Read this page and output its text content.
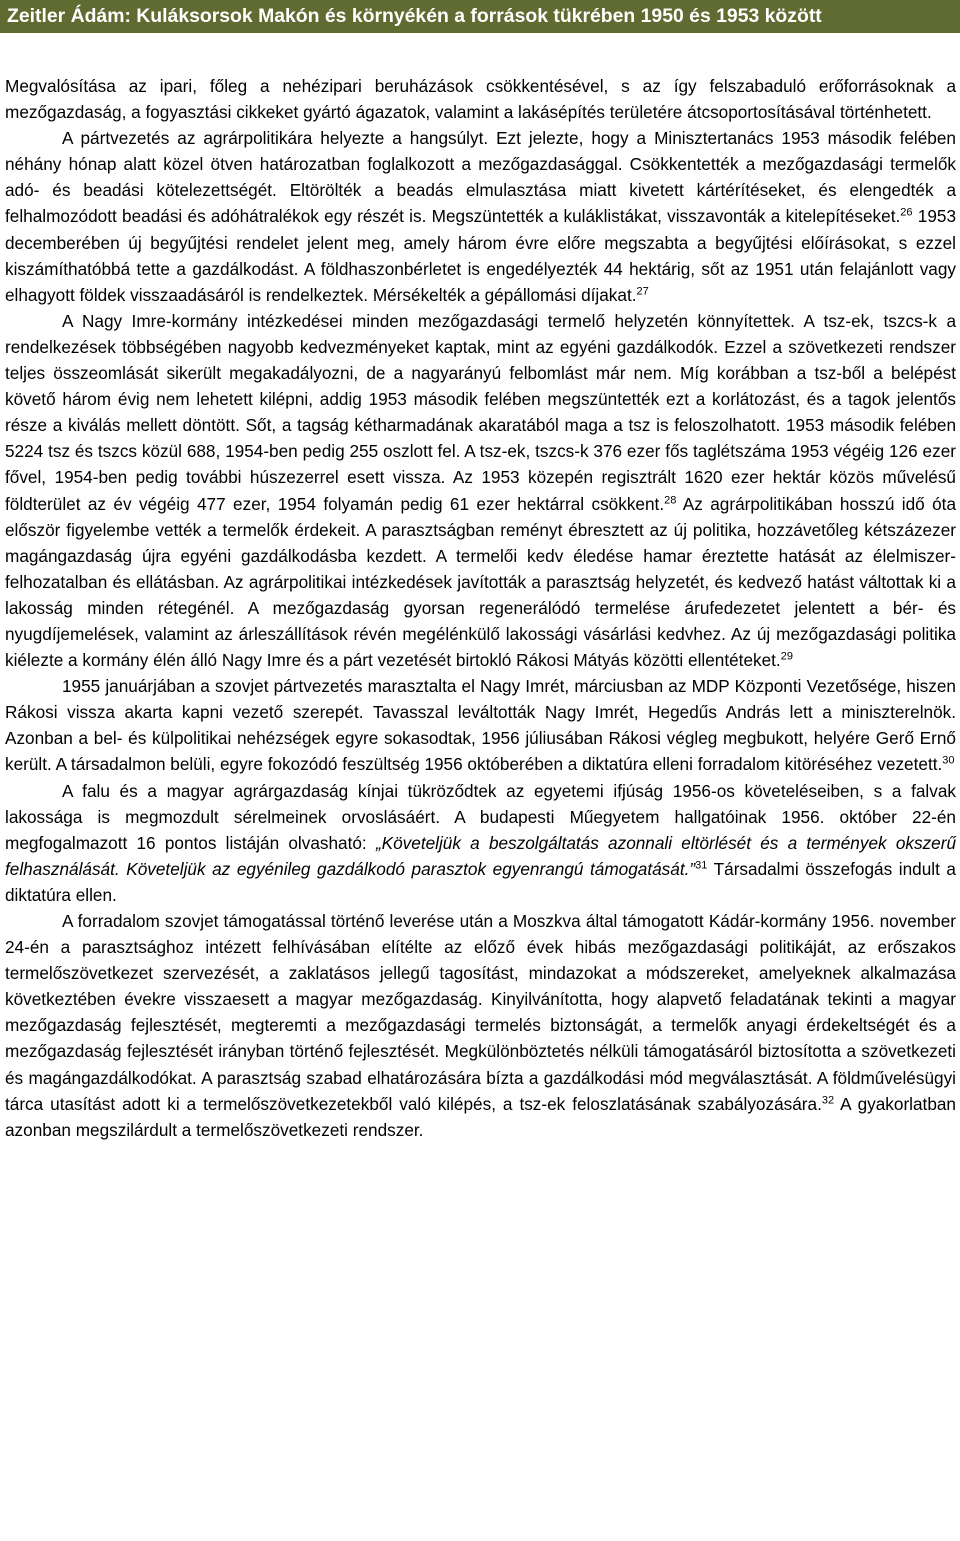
Zeitler Ádám: Kuláksorsok Makón és környékén a források tükrében 1950 és 1953 között

Megvalósítása az ipari, főleg a nehézipari beruházások csökkentésével, s az így felszabaduló erőforrásoknak a mezőgazdaság, a fogyasztási cikkeket gyártó ágazatok, valamint a lakásépítés területére átcsoportosításával történhetett.

A pártvezetés az agrárpolitikára helyezte a hangsúlyt. Ezt jelezte, hogy a Minisztertanács 1953 második felében néhány hónap alatt közel ötven határozatban foglalkozott a mezőgazdasággal. Csökkentették a mezőgazdasági termelők adó- és beadási kötelezettségét. Eltörölték a beadás elmulasztása miatt kivetett kártérítéseket, és elengedték a felhalmozódott beadási és adóhátralékok egy részét is. Megszüntették a kuláklistákat, visszavonták a kitelepítéseket.$^{26}$ 1953 decemberében új begyűjtési rendelet jelent meg, amely három évre előre megszabta a begyűjtési előírásokat, s ezzel kiszámíthatóbbá tette a gazdálkodást. A földhaszonbérletet is engedélyezték 44 hektárig, sőt az 1951 után felajánlott vagy elhagyott földek visszaadásáról is rendelkeztek. Mérsékelték a gépállomási díjakat.$^{27}$

A Nagy Imre-kormány intézkedései minden mezőgazdasági termelő helyzetén könnyítettek. A tsz-ek, tszcs-k a rendelkezések többségében nagyobb kedvezményeket kaptak, mint az egyéni gazdálkodók. Ezzel a szövetkezeti rendszer teljes összeomlását sikerült megakadályozni, de a nagyarányú felbomlást már nem. Míg korábban a tsz-ből a belépést követő három évig nem lehetett kilépni, addig 1953 második felében megszüntették ezt a korlátozást, és a tagok jelentős része a kiválás mellett döntött. Sőt, a tagság kétharmadának akaratából maga a tsz is feloszolhatott. 1953 második felében 5224 tsz és tszcs közül 688, 1954-ben pedig 255 oszlott fel. A tsz-ek, tszcs-k 376 ezer fős taglétszáma 1953 végéig 126 ezer fővel, 1954-ben pedig további húszezerrel esett vissza. Az 1953 közepén regisztrált 1620 ezer hektár közös művelésű földterület az év végéig 477 ezer, 1954 folyamán pedig 61 ezer hektárral csökkent.$^{28}$ Az agrárpolitikában hosszú idő óta először figyelembe vették a termelők érdekeit. A parasztságban reményt ébresztett az új politika, hozzávetőleg kétszázezer magángazdaság újra egyéni gazdálkodásba kezdett. A termelői kedv éledése hamar éreztette hatását az élelmiszer-felhozatalban és ellátásban. Az agrárpolitikai intézkedések javították a parasztság helyzetét, és kedvező hatást váltottak ki a lakosság minden rétegénél. A mezőgazdaság gyorsan regenerálódó termelése árufedezetet jelentett a bér- és nyugdíjemelések, valamint az árleszállítások révén megélénkülő lakossági vásárlási kedvhez. Az új mezőgazdasági politika kiélezte a kormány élén álló Nagy Imre és a párt vezetését birtokló Rákosi Mátyás közötti ellentéteket.$^{29}$

1955 januárjában a szovjet pártvezetés marasztalta el Nagy Imrét, márciusban az MDP Központi Vezetősége, hiszen Rákosi vissza akarta kapni vezető szerepét. Tavasszal leváltották Nagy Imrét, Hegedűs András lett a miniszterelnök. Azonban a bel- és külpolitikai nehézségek egyre sokasodtak, 1956 júliusában Rákosi végleg megbukott, helyére Gerő Ernő került. A társadalmon belüli, egyre fokozódó feszültség 1956 októberében a diktatúra elleni forradalom kitöréséhez vezetett.$^{30}$

A falu és a magyar agrárgazdaság kínjai tükröződtek az egyetemi ifjúság 1956-os követeléseiben, s a falvak lakossága is megmozdult sérelmeinek orvoslásáért. A budapesti Műegyetem hallgatóinak 1956. október 22-én megfogalmazott 16 pontos listáján olvasható: „Követeljük a beszolgáltatás azonnali eltörlését és a termények okszerű felhasználását. Követeljük az egyénileg gazdálkodó parasztok egyenrangú támogatását.”$^{31}$ Társadalmi összefogás indult a diktatúra ellen.

A forradalom szovjet támogatással történő leverése után a Moszkva által támogatott Kádár-kormány 1956. november 24-én a parasztsághoz intézett felhívásában elítélte az előző évek hibás mezőgazdasági politikáját, az erőszakos termelőszövetkezet szervezését, a zaklatásos jellegű tagosítást, mindazokat a módszereket, amelyeknek alkalmazása következtében évekre visszaesett a magyar mezőgazdaság. Kinyilvánította, hogy alapvető feladatának tekinti a magyar mezőgazdaság fejlesztését, megteremti a mezőgazdasági termelés biztonságát, a termelők anyagi érdekeltségét és a mezőgazdaság fejlesztését irányban történő fejlesztését. Megkülönböztetés nélküli támogatásáról biztosította a szövetkezeti és magángazdálkodókat. A parasztság szabad elhatározására bízta a gazdálkodási mód megválasztását. A földművelésügyi tárca utasítást adott ki a termelőszövetkezetekből való kilépés, a tsz-ek feloszlatásának szabályozására.$^{32}$ A gyakorlatban azonban megszilárdult a termelőszövetkezeti rendszer.
